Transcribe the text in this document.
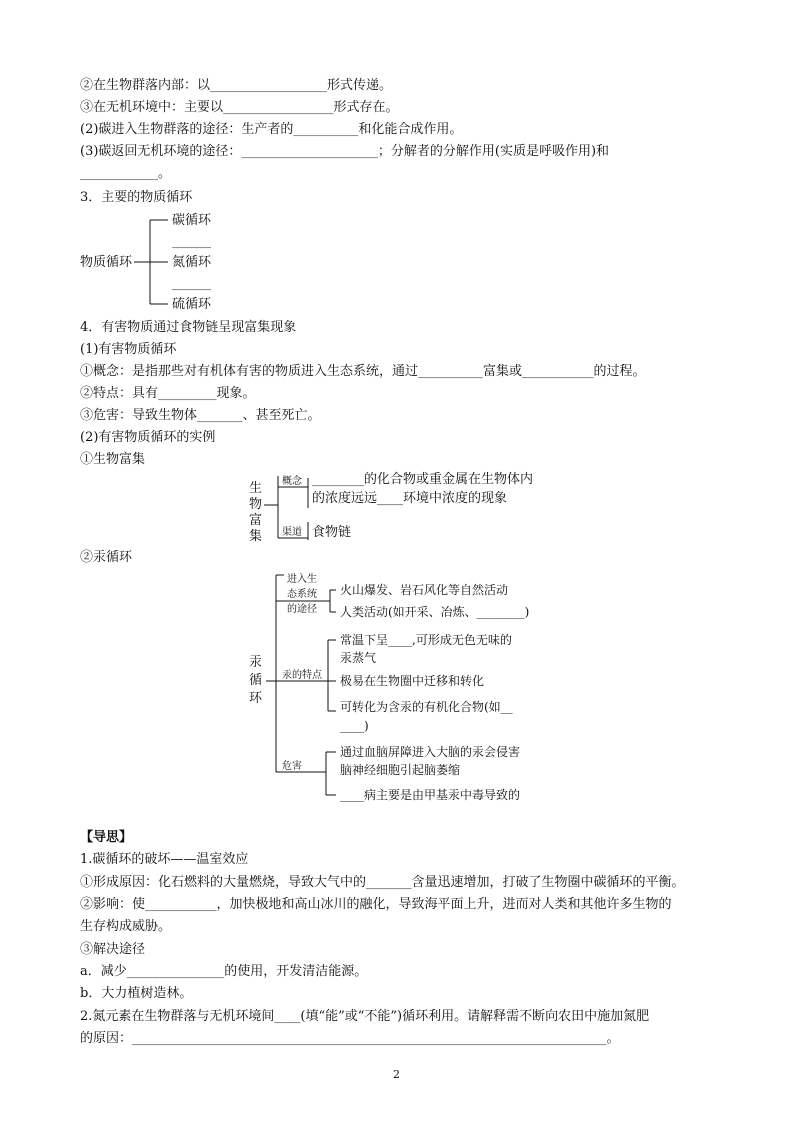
②在生物群落内部：以__________________形式传递。
③在无机环境中：主要以_________________形式存在。
(2)碳进入生物群落的途径：生产者的__________和化能合成作用。
(3)碳返回无机环境的途径：_____________________；分解者的分解作用(实质是呼吸作用)和
____________。
3．主要的物质循环
物质循环
碳循环
______
氮循环
______
硫循环
4．有害物质通过食物链呈现富集现象
(1)有害物质循环
①概念：是指那些对有机体有害的物质进入生态系统，通过__________富集或___________的过程。
②特点：具有_________现象。
③危害：导致生物体_______、甚至死亡。
(2)有害物质循环的实例
①生物富集
生
物
富
集
概念 ________的化合物或重金属在生物体内
的浓度远远____环境中浓度的现象
渠道 食物链
②汞循环
汞
循
环
进入生
态系统
的途径
火山爆发、岩石风化等自然活动
人类活动(如开采、冶炼、________)
汞的特点
常温下呈____,可形成无色无味的
汞蒸气
极易在生物圈中迁移和转化
可转化为含汞的有机化合物(如__
____)
危害
通过血脑屏障进入大脑的汞会侵害
脑神经细胞引起脑萎缩
____病主要是由甲基汞中毒导致的
【导思】
1.碳循环的破坏——温室效应
①形成原因：化石燃料的大量燃烧，导致大气中的_______含量迅速增加，打破了生物圈中碳循环的平衡。
②影响：使___________，加快极地和高山冰川的融化，导致海平面上升，进而对人类和其他许多生物的
生存构成威胁。
③解决途径
a．减少_______________的使用，开发清洁能源。
b．大力植树造林。
2.氮元素在生物群落与无机环境间____(填“能”或“不能”)循环利用。请解释需不断向农田中施加氮肥
的原因：_________________________________________________________________________。
2
